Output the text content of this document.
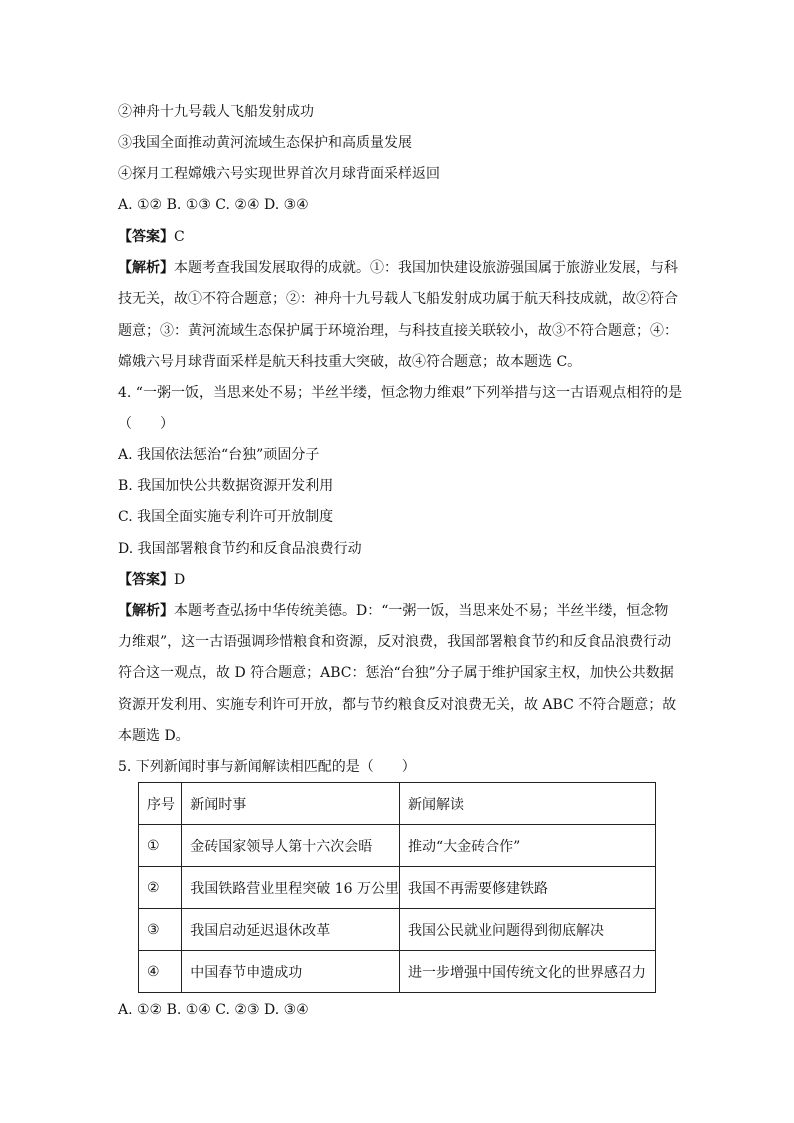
②神舟十九号载人飞船发射成功
③我国全面推动黄河流域生态保护和高质量发展
④探月工程嫦娥六号实现世界首次月球背面采样返回
A. ①② B. ①③ C. ②④ D. ③④
【答案】C
【解析】本题考查我国发展取得的成就。①：我国加快建设旅游强国属于旅游业发展，与科
技无关，故①不符合题意；②：神舟十九号载人飞船发射成功属于航天科技成就，故②符合
题意；③：黄河流域生态保护属于环境治理，与科技直接关联较小，故③不符合题意；④：
嫦娥六号月球背面采样是航天科技重大突破，故④符合题意；故本题选 C。
4. “一粥一饭，当思来处不易；半丝半缕，恒念物力维艰”下列举措与这一古语观点相符的是
（　　）
A. 我国依法惩治“台独”顽固分子
B. 我国加快公共数据资源开发利用
C. 我国全面实施专利许可开放制度
D. 我国部署粮食节约和反食品浪费行动
【答案】D
【解析】本题考查弘扬中华传统美德。D：“一粥一饭，当思来处不易；半丝半缕，恒念物
力维艰”，这一古语强调珍惜粮食和资源，反对浪费，我国部署粮食节约和反食品浪费行动
符合这一观点，故 D 符合题意；ABC：惩治“台独”分子属于维护国家主权，加快公共数据
资源开发利用、实施专利许可开放，都与节约粮食反对浪费无关，故 ABC 不符合题意；故
本题选 D。
5. 下列新闻时事与新闻解读相匹配的是（　　）
序号	新闻时事	新闻解读
①	金砖国家领导人第十六次会晤	推动“大金砖合作”
②	我国铁路营业里程突破 16 万公里	我国不再需要修建铁路
③	我国启动延迟退休改革	我国公民就业问题得到彻底解决
④	中国春节申遗成功	进一步增强中国传统文化的世界感召力
A. ①② B. ①④ C. ②③ D. ③④
